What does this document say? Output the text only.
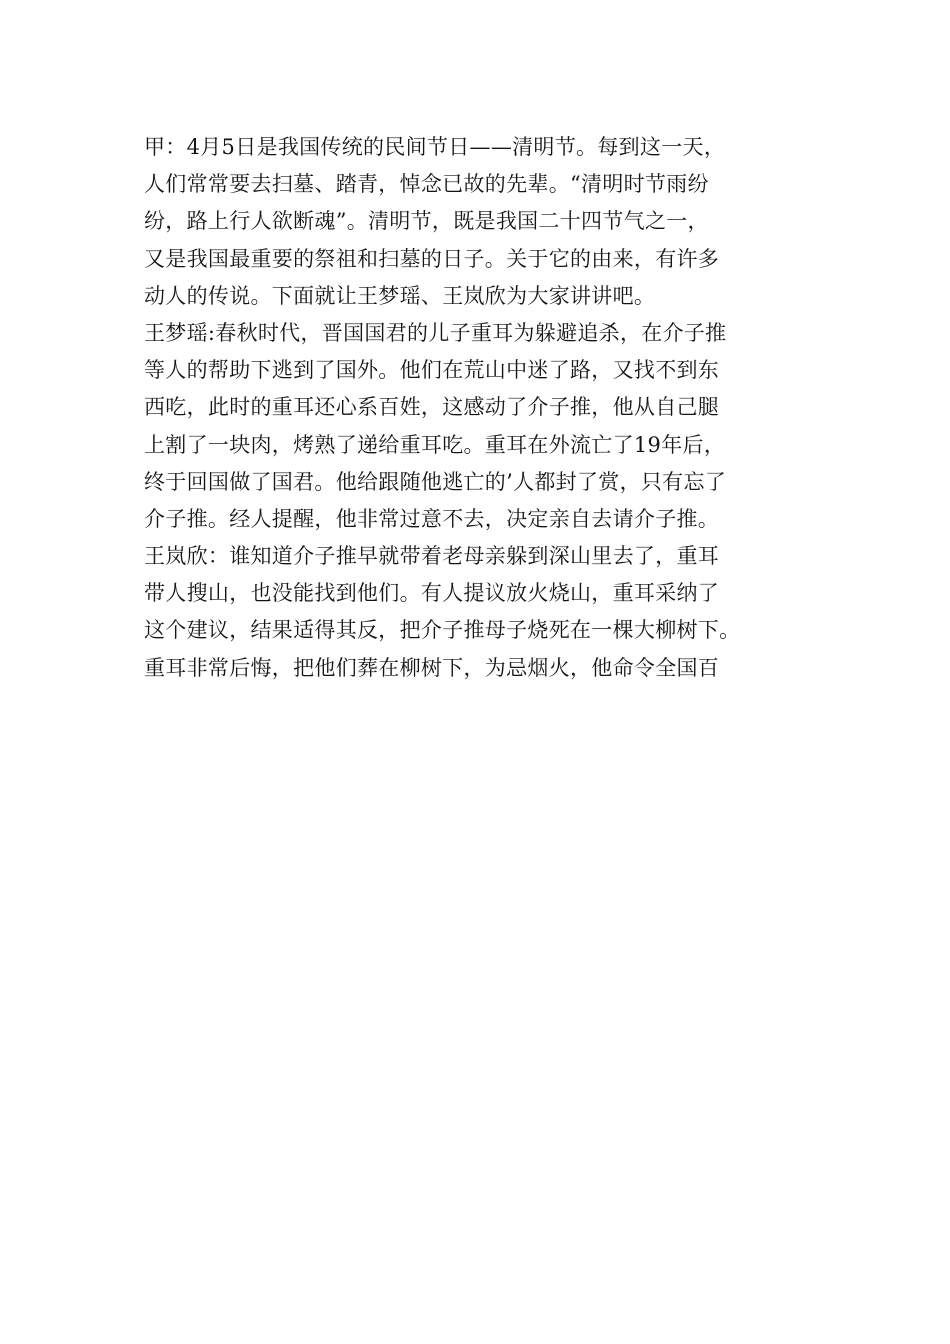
甲：4月5日是我国传统的民间节日——清明节。每到这一天，

人们常常要去扫墓、踏青，悼念已故的先辈。“清明时节雨纷

纷，路上行人欲断魂”。清明节，既是我国二十四节气之一，

又是我国最重要的祭祖和扫墓的日子。关于它的由来，有许多

动人的传说。下面就让王梦瑶、王岚欣为大家讲讲吧。

王梦瑶:春秋时代，晋国国君的儿子重耳为躲避追杀，在介子推

等人的帮助下逃到了国外。他们在荒山中迷了路，又找不到东

西吃，此时的重耳还心系百姓，这感动了介子推，他从自己腿

上割了一块肉，烤熟了递给重耳吃。重耳在外流亡了19年后，

终于回国做了国君。他给跟随他逃亡的’人都封了赏，只有忘了

介子推。经人提醒，他非常过意不去，决定亲自去请介子推。

王岚欣：谁知道介子推早就带着老母亲躲到深山里去了，重耳

带人搜山，也没能找到他们。有人提议放火烧山，重耳采纳了

这个建议，结果适得其反，把介子推母子烧死在一棵大柳树下。

重耳非常后悔，把他们葬在柳树下，为忌烟火，他命令全国百
